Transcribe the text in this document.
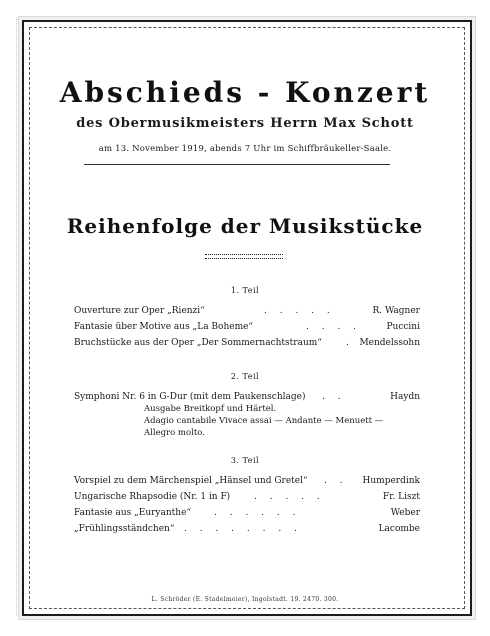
Abschieds - Konzert
des Obermusikmeisters Herrn Max Schott
am 13. November 1919, abends 7 Uhr im Schiffbräukeller-Saale.
Reihenfolge der Musikstücke
1. Teil
Ouverture zur Oper „Rienzi“	. . . . .	R. Wagner
Fantasie über Motive aus „La Boheme“	. . . .	Puccini
Bruchstücke aus der Oper „Der Sommernachtstraum“	. Mendelssohn
2. Teil
Symphoni Nr. 6 in G-Dur (mit dem Paukenschlage) . .	Haydn
Ausgabe Breitkopf und Härtel.
Adagio cantabile Vivace assai — Andante — Menuett —
Allegro molto.
3. Teil
Vorspiel zu dem Märchenspiel „Hänsel und Gretel“ . . Humperdink
Ungarische Rhapsodie (Nr. 1 in F)	. . . . .	Fr. Liszt
Fantasie aus „Euryanthe“	. . . . . .	Weber
„Frühlingsständchen“ . . . . . . . .	Lacombe
L. Schröder (E. Stadelmeier), Ingolstadt. 19. 2470. 300.
